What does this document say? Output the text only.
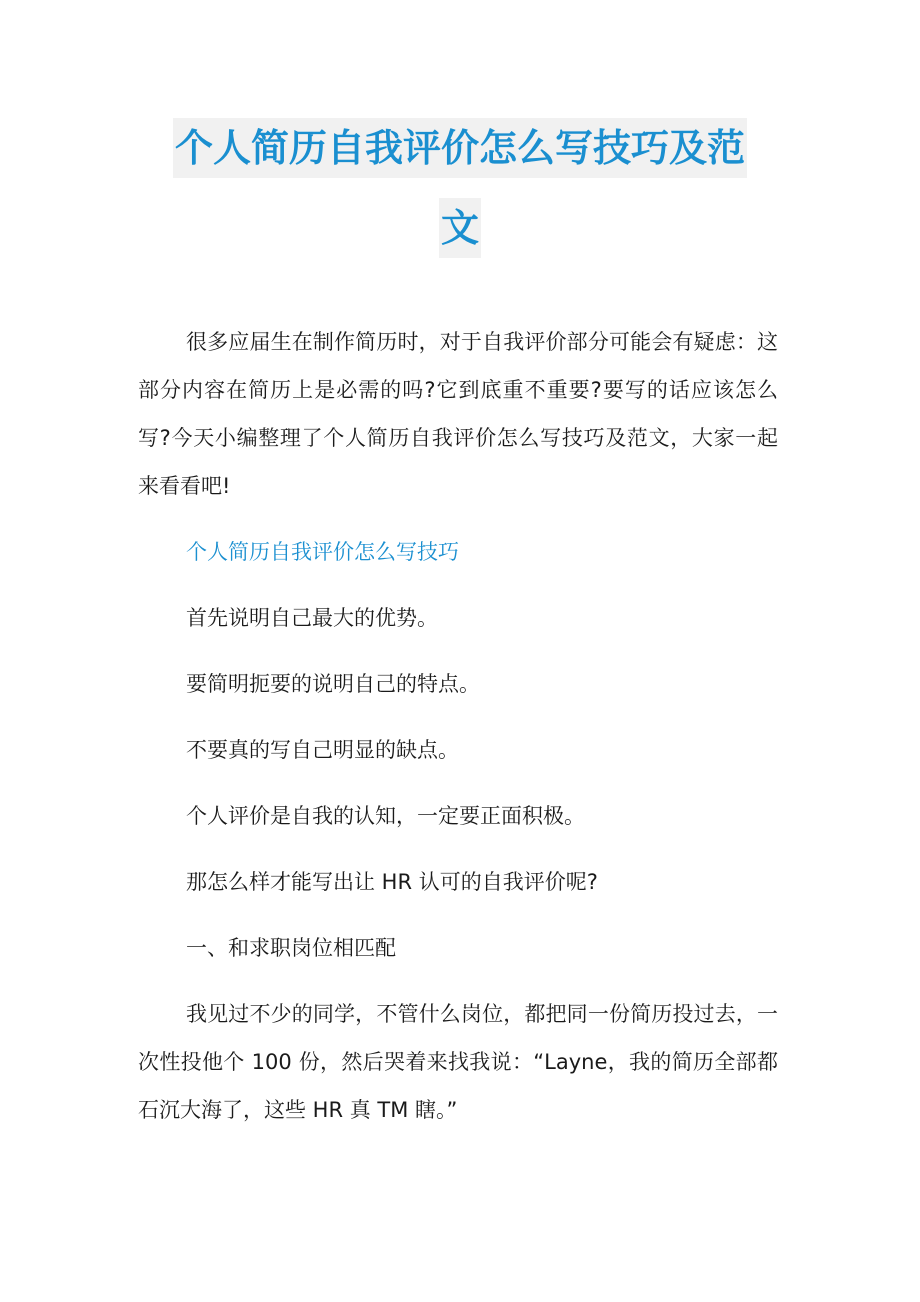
个人简历自我评价怎么写技巧及范
文

很多应届生在制作简历时，对于自我评价部分可能会有疑虑：这部分内容在简历上是必需的吗?它到底重不重要?要写的话应该怎么写?今天小编整理了个人简历自我评价怎么写技巧及范文，大家一起来看看吧!

个人简历自我评价怎么写技巧

首先说明自己最大的优势。

要简明扼要的说明自己的特点。

不要真的写自己明显的缺点。

个人评价是自我的认知，一定要正面积极。

那怎么样才能写出让 HR 认可的自我评价呢?

一、和求职岗位相匹配

我见过不少的同学，不管什么岗位，都把同一份简历投过去，一次性投他个 100 份，然后哭着来找我说：“Layne，我的简历全部都石沉大海了，这些 HR 真 TM 瞎。”
